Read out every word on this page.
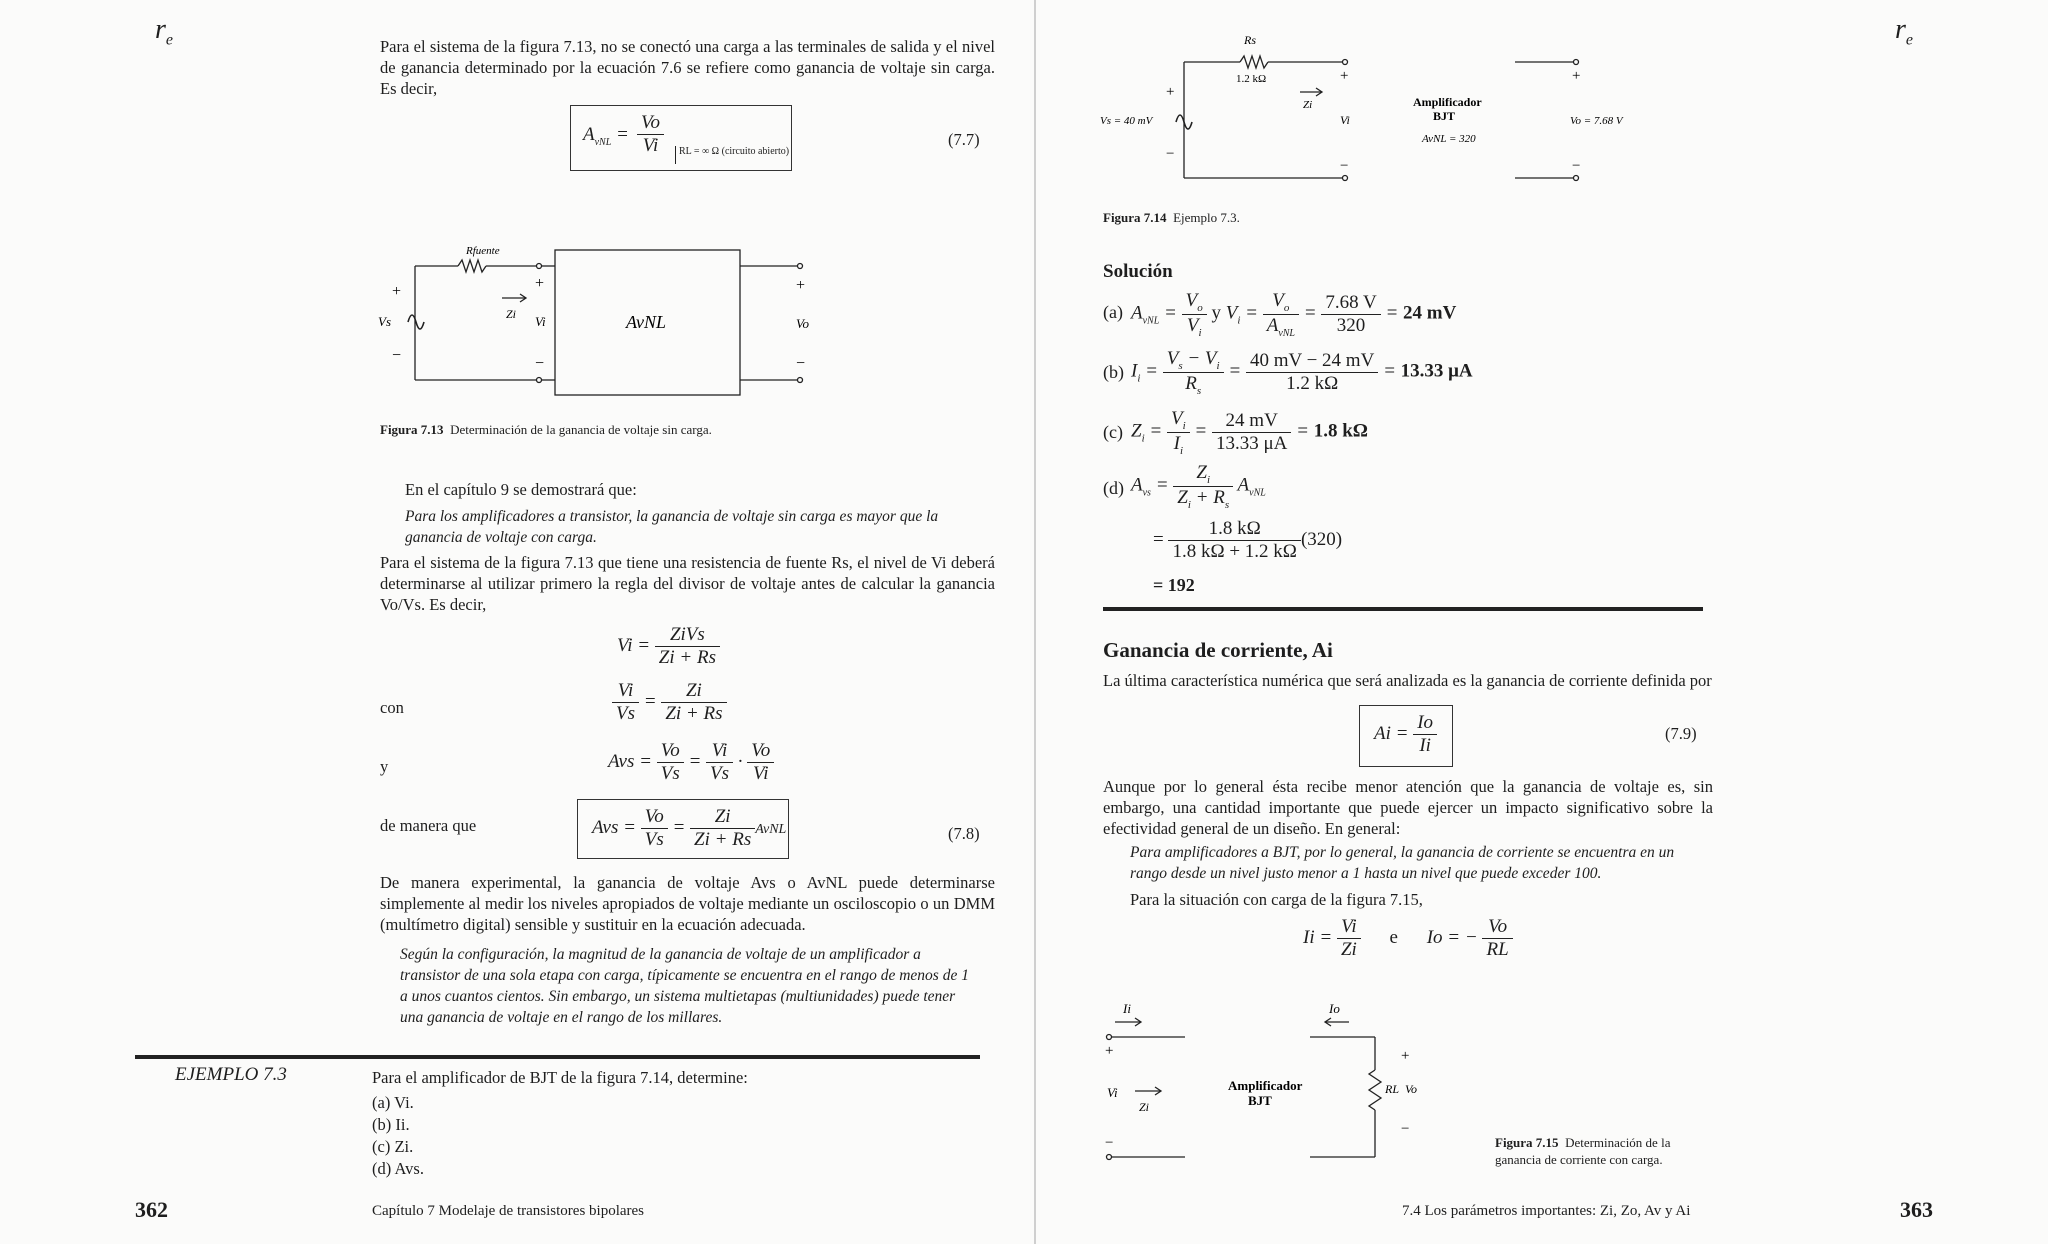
$r_e$	Para el sistema de la figura 7.13, no se conectó una carga a las terminales de salida y el nivel de ganancia determinado por la ecuación 7.6 se refiere como ganancia de voltaje sin carga. Es decir,
$A_{vNL} = \frac{Vo}{Vi}$	RL = ∞ Ω (circuito abierto)
(7.7)
Rfuente
+
−
Vs
+
Zi Vi
−
AvNL
+
Vo
−
Figura 7.13 Determinación de la ganancia de voltaje sin carga.
En el capítulo 9 se demostrará que:
Para los amplificadores a transistor, la ganancia de voltaje sin carga es mayor que la ganancia de voltaje con carga.
Para el sistema de la figura 7.13 que tiene una resistencia de fuente Rs, el nivel de Vi deberá determinarse al utilizar primero la regla del divisor de voltaje antes de calcular la ganancia Vo/Vs. Es decir,
$Vi = \frac{\text{ZiVs}}{Zi + Rs}$
con	$\frac{Vi}{Vs} = \frac{Zi}{Zi + Rs}$
y	Avs = $\frac{Vo}{Vs} = \frac{Vi}{Vs} \cdot \frac{Vo}{Vi}$
de manera que	Avs = $\frac{Vo}{Vs} = \frac{Zi}{Zi + Rs}$ AvNL	(7.8)
De manera experimental, la ganancia de voltaje Avs o AvNL puede determinarse simplemente al medir los niveles apropiados de voltaje mediante un osciloscopio o un DMM (multímetro digital) sensible y sustituir en la ecuación adecuada.
Según la configuración, la magnitud de la ganancia de voltaje de un amplificador a transistor de una sola etapa con carga, típicamente se encuentra en el rango de menos de 1 a unos cuantos cientos. Sin embargo, un sistema multietapas (multiunidades) puede tener una ganancia de voltaje en el rango de los millares.
EJEMPLO 7.3	Para el amplificador de BJT de la figura 7.14, determine:
(a) Vi.
(b) Ii.
(c) Zi.
(d) Avs.
362	Capítulo 7 Modelaje de transistores bipolares
$r_e$
Rs
1.2 kΩ
+
−
Vs = 40 mV
+
Zi
Vi
−
Amplificador
BJT
AvNL = 320
+
Vo = 7.68 V
−
Figura 7.14 Ejemplo 7.3.
Solución
(a) $A_{vNL} = \frac{V_o}{V_i}$ y $V_i = \frac{V_o}{A_{vNL}} = \frac{7.68 V}{320} = 24$ mV
(b) $I_i = \frac{V_s - V_i}{R_s} = \frac{40 mV - 24 mV}{1.2 k\Omega} = 13.33$ μA
(c) $Z_i = \frac{V_i}{I_i} = \frac{24 mV}{13.33 \mu A} = 1.8$ kΩ
(d) $A_{vs} = \frac{Z_i}{Z_i + R_s} A_{vNL}$
= $\frac{1.8 k\Omega}{1.8 k\Omega + 1.2 k\Omega} (320)$
= 192
Ganancia de corriente, Ai
La última característica numérica que será analizada es la ganancia de corriente definida por
$Ai = \frac{Io}{Ii}$	(7.9)
Aunque por lo general ésta recibe menor atención que la ganancia de voltaje es, sin embargo, una cantidad importante que puede ejercer un impacto significativo sobre la efectividad general de un diseño. En general:
Para amplificadores a BJT, por lo general, la ganancia de corriente se encuentra en un rango desde un nivel justo menor a 1 hasta un nivel que puede exceder 100.
Para la situación con carga de la figura 7.15,
$Ii = \frac{Vi}{Zi}$ e Io = − $\frac{Vo}{RL}$
Ii	Io
+
Vi
Zi
−
Amplificador
BJT
RL Vo
+
−
Figura 7.15 Determinación de la ganancia de corriente con carga.
7.4 Los parámetros importantes: Zi, Zo, Av y Ai	363
